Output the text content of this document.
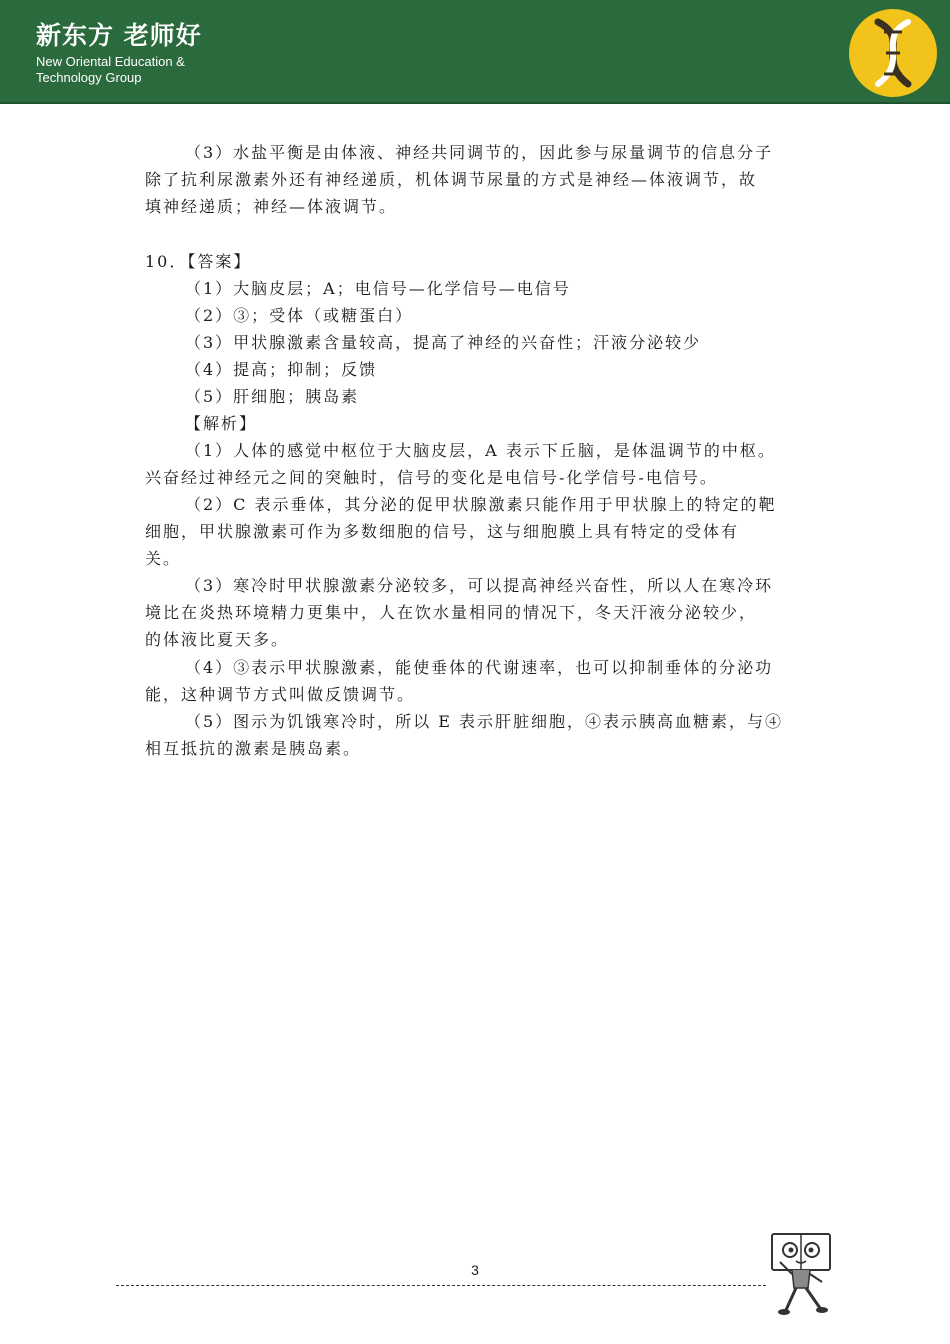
新东方 老师好
New Oriental Education & Technology Group
（3）水盐平衡是由体液、神经共同调节的，因此参与尿量调节的信息分子
除了抗利尿激素外还有神经递质，机体调节尿量的方式是神经—体液调节，故
填神经递质；神经—体液调节。
10．【答案】
（1）大脑皮层；A；电信号—化学信号—电信号
（2）③；受体（或糖蛋白）
（3）甲状腺激素含量较高，提高了神经的兴奋性；汗液分泌较少
（4）提高；抑制；反馈
（5）肝细胞；胰岛素
【解析】
（1）人体的感觉中枢位于大脑皮层，A 表示下丘脑，是体温调节的中枢。
兴奋经过神经元之间的突触时，信号的变化是电信号-化学信号-电信号。
（2）C 表示垂体，其分泌的促甲状腺激素只能作用于甲状腺上的特定的靶
细胞，甲状腺激素可作为多数细胞的信号，这与细胞膜上具有特定的受体有
关。
（3）寒冷时甲状腺激素分泌较多，可以提高神经兴奋性，所以人在寒冷环
境比在炎热环境精力更集中，人在饮水量相同的情况下，冬天汗液分泌较少，
的体液比夏天多。
（4）③表示甲状腺激素，能使垂体的代谢速率，也可以抑制垂体的分泌功
能，这种调节方式叫做反馈调节。
（5）图示为饥饿寒冷时，所以 E 表示肝脏细胞，④表示胰高血糖素，与④
相互抵抗的激素是胰岛素。
3
